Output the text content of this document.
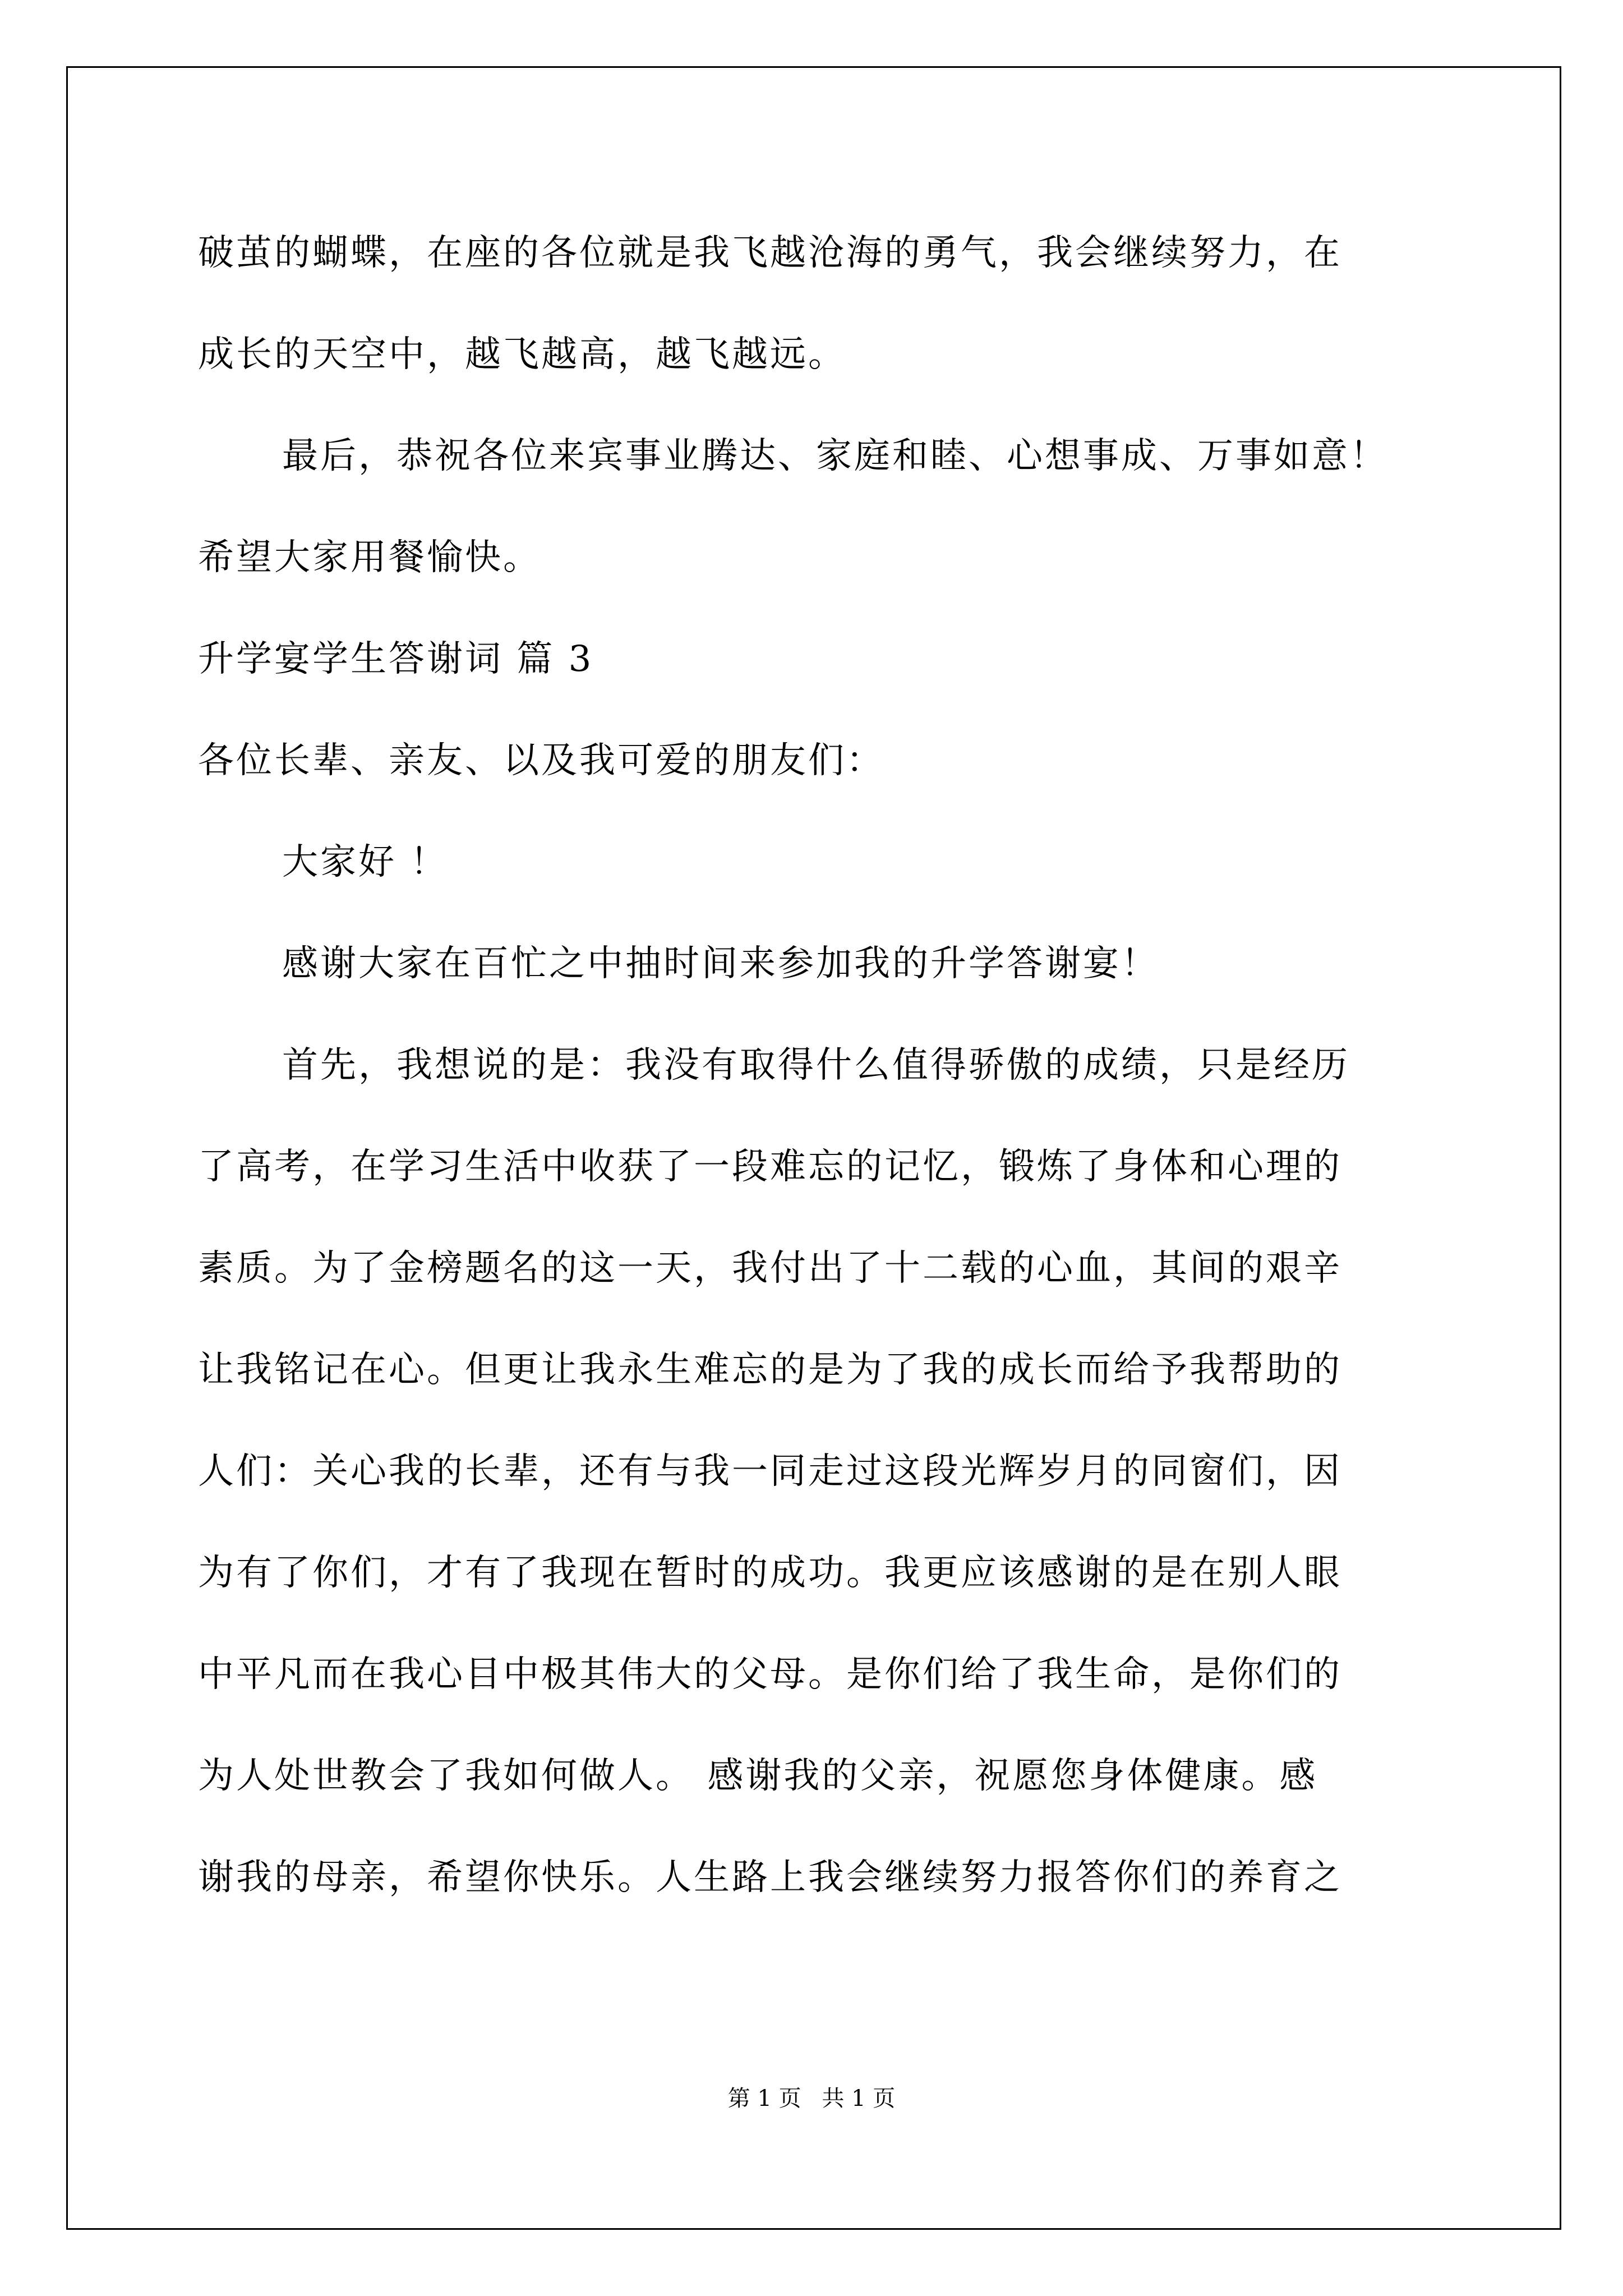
破茧的蝴蝶，在座的各位就是我飞越沧海的勇气，我会继续努力，在

成长的天空中，越飞越高，越飞越远。

最后，恭祝各位来宾事业腾达、家庭和睦、心想事成、万事如意！

希望大家用餐愉快。

升学宴学生答谢词 篇 3

各位长辈、亲友、以及我可爱的朋友们：

大家好 ！

感谢大家在百忙之中抽时间来参加我的升学答谢宴！

首先，我想说的是：我没有取得什么值得骄傲的成绩，只是经历

了高考，在学习生活中收获了一段难忘的记忆，锻炼了身体和心理的

素质。为了金榜题名的这一天，我付出了十二载的心血，其间的艰辛

让我铭记在心。但更让我永生难忘的是为了我的成长而给予我帮助的

人们：关心我的长辈，还有与我一同走过这段光辉岁月的同窗们，因

为有了你们，才有了我现在暂时的成功。我更应该感谢的是在别人眼

中平凡而在我心目中极其伟大的父母。是你们给了我生命，是你们的

为人处世教会了我如何做人。 感谢我的父亲，祝愿您身体健康。感

谢我的母亲，希望你快乐。人生路上我会继续努力报答你们的养育之

第 1 页 共 1 页
